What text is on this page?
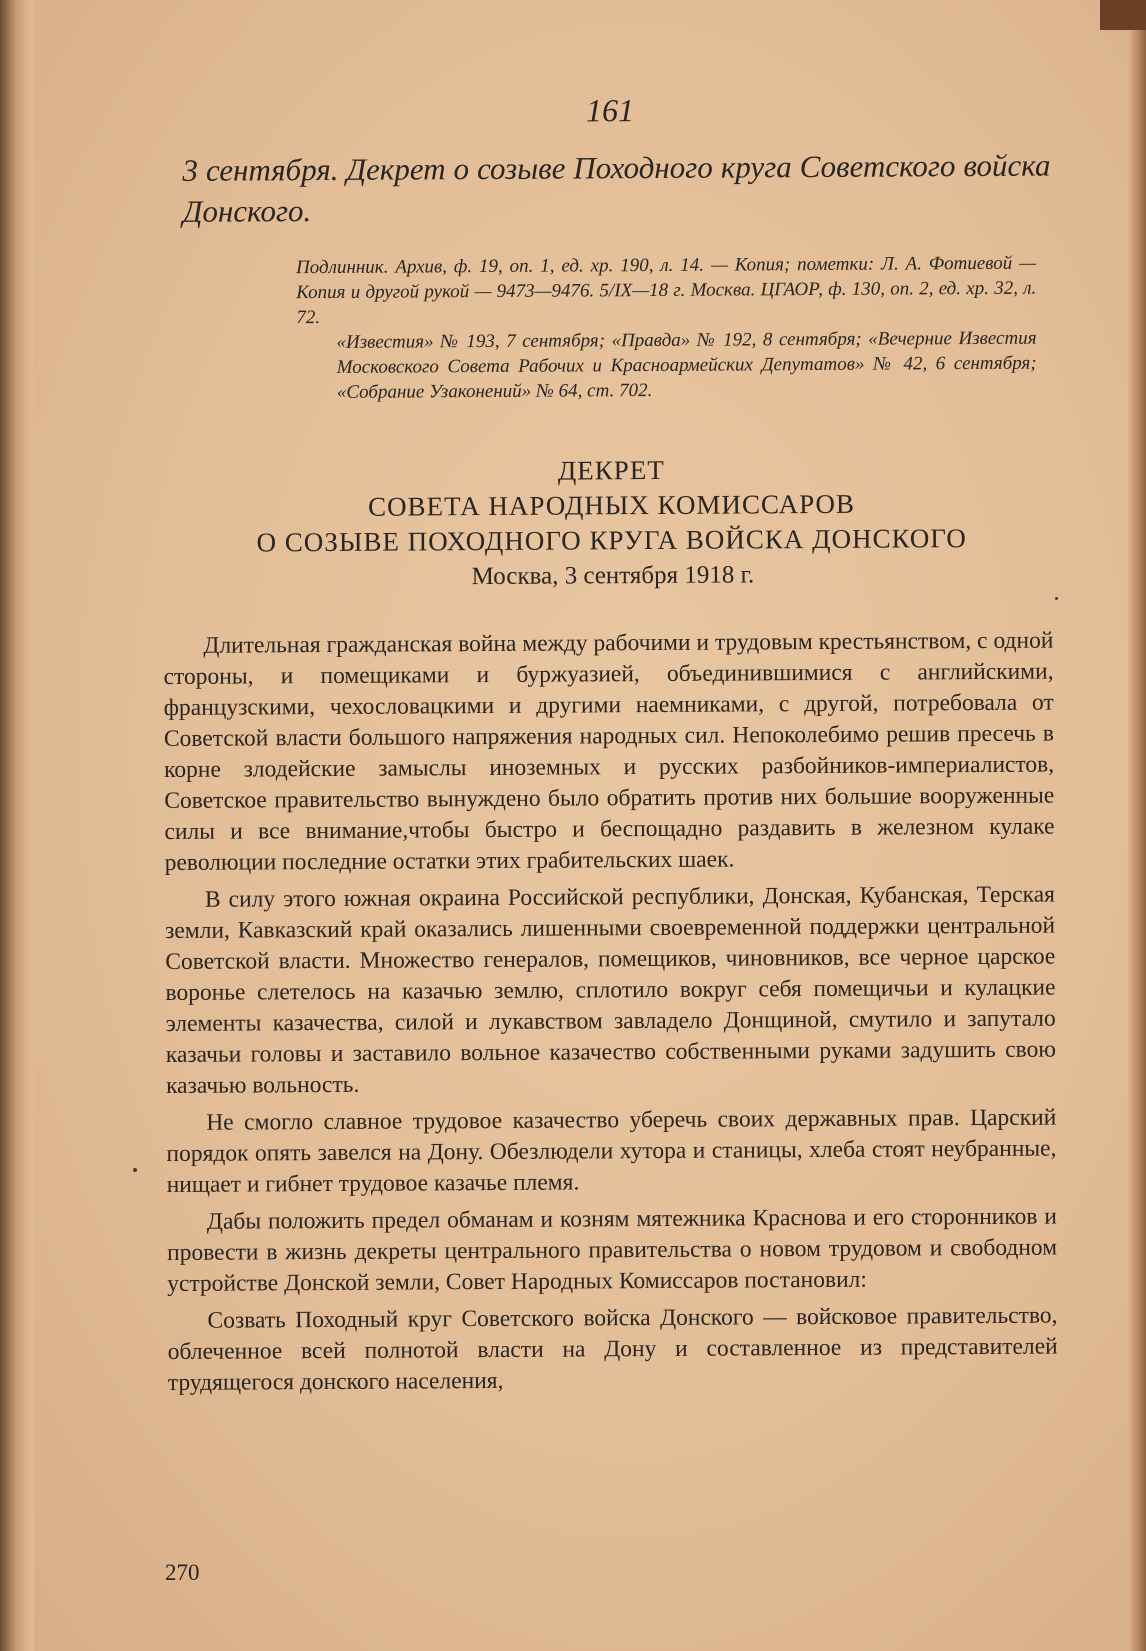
161
3 сентября. Декрет о созыве Походного круга Советского войска Донского.
Подлинник. Архив, ф. 19, оп. 1, ед. хр. 190, л. 14. — Копия; пометки: Л. А. Фотиевой — Копия и другой рукой — 9473—9476. 5/IX—18 г. Москва. ЦГАОР, ф. 130, оп. 2, ед. хр. 32, л. 72.
«Известия» № 193, 7 сентября; «Правда» № 192, 8 сентября; «Вечерние Известия Московского Совета Рабочих и Красноармейских Депутатов» № 42, 6 сентября; «Собрание Узаконений» № 64, ст. 702.
ДЕКРЕТ
СОВЕТА НАРОДНЫХ КОМИССАРОВ
О СОЗЫВЕ ПОХОДНОГО КРУГА ВОЙСКА ДОНСКОГО
Москва, 3 сентября 1918 г.

Длительная гражданская война между рабочими и трудовым крестьянством, с одной стороны, и помещиками и буржуазией, объединившимися с английскими, французскими, чехословацкими и другими наемниками, с другой, потребовала от Советской власти большого напряжения народных сил. Непоколебимо решив пресечь в корне злодейские замыслы иноземных и русских разбойников-империалистов, Советское правительство вынуждено было обратить против них большие вооруженные силы и все внимание,чтобы быстро и беспощадно раздавить в железном кулаке революции последние остатки этих грабительских шаек.

В силу этого южная окраина Российской республики, Донская, Кубанская, Терская земли, Кавказский край оказались лишенными своевременной поддержки центральной Советской власти. Множество генералов, помещиков, чиновников, все черное царское воронье слетелось на казачью землю, сплотило вокруг себя помещичьи и кулацкие элементы казачества, силой и лукавством завладело Донщиной, смутило и запутало казачьи головы и заставило вольное казачество собственными руками задушить свою казачью вольность.

Не смогло славное трудовое казачество уберечь своих державных прав. Царский порядок опять завелся на Дону. Обезлюдели хутора и станицы, хлеба стоят неубранные, нищает и гибнет трудовое казачье племя.

Дабы положить предел обманам и козням мятежника Краснова и его сторонников и провести в жизнь декреты центрального правительства о новом трудовом и свободном устройстве Донской земли, Совет Народных Комиссаров постановил:

Созвать Походный круг Советского войска Донского — войсковое правительство, облеченное всей полнотой власти на Дону и составленное из представителей трудящегося донского населения,

270
